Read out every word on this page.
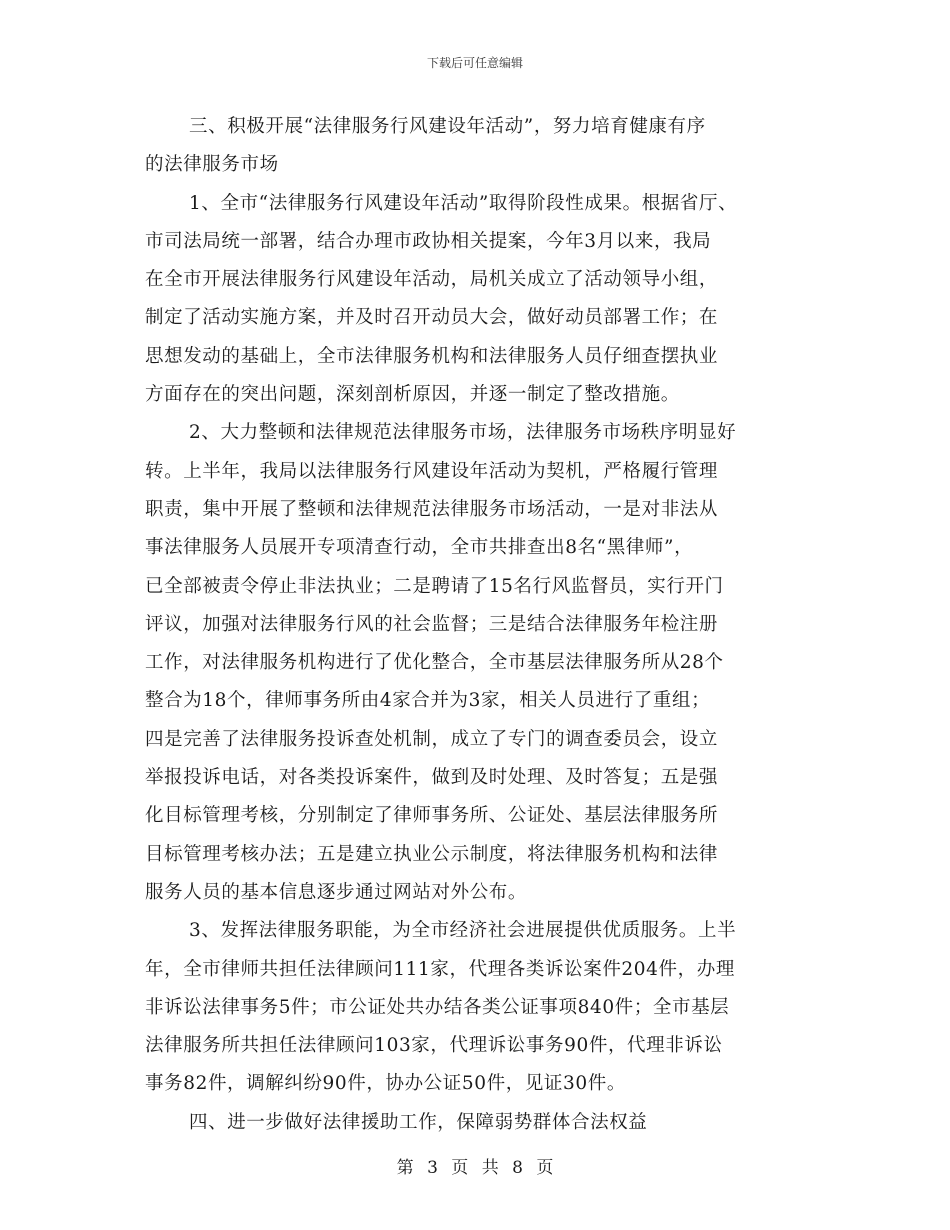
下载后可任意编辑
三、积极开展“法律服务行风建设年活动”，努力培育健康有序
的法律服务市场
1、全市“法律服务行风建设年活动”取得阶段性成果。根据省厅、
市司法局统一部署，结合办理市政协相关提案，今年3月以来，我局
在全市开展法律服务行风建设年活动，局机关成立了活动领导小组，
制定了活动实施方案，并及时召开动员大会，做好动员部署工作；在
思想发动的基础上，全市法律服务机构和法律服务人员仔细查摆执业
方面存在的突出问题，深刻剖析原因，并逐一制定了整改措施。
2、大力整顿和法律规范法律服务市场，法律服务市场秩序明显好
转。上半年，我局以法律服务行风建设年活动为契机，严格履行管理
职责，集中开展了整顿和法律规范法律服务市场活动，一是对非法从
事法律服务人员展开专项清查行动，全市共排查出8名“黑律师”，
已全部被责令停止非法执业；二是聘请了15名行风监督员，实行开门
评议，加强对法律服务行风的社会监督；三是结合法律服务年检注册
工作，对法律服务机构进行了优化整合，全市基层法律服务所从28个
整合为18个，律师事务所由4家合并为3家，相关人员进行了重组；
四是完善了法律服务投诉查处机制，成立了专门的调查委员会，设立
举报投诉电话，对各类投诉案件，做到及时处理、及时答复；五是强
化目标管理考核，分别制定了律师事务所、公证处、基层法律服务所
目标管理考核办法；五是建立执业公示制度，将法律服务机构和法律
服务人员的基本信息逐步通过网站对外公布。
3、发挥法律服务职能，为全市经济社会进展提供优质服务。上半
年，全市律师共担任法律顾问111家，代理各类诉讼案件204件，办理
非诉讼法律事务5件；市公证处共办结各类公证事项840件；全市基层
法律服务所共担任法律顾问103家，代理诉讼事务90件，代理非诉讼
事务82件，调解纠纷90件，协办公证50件，见证30件。
四、进一步做好法律援助工作，保障弱势群体合法权益
第 3 页 共 8 页
